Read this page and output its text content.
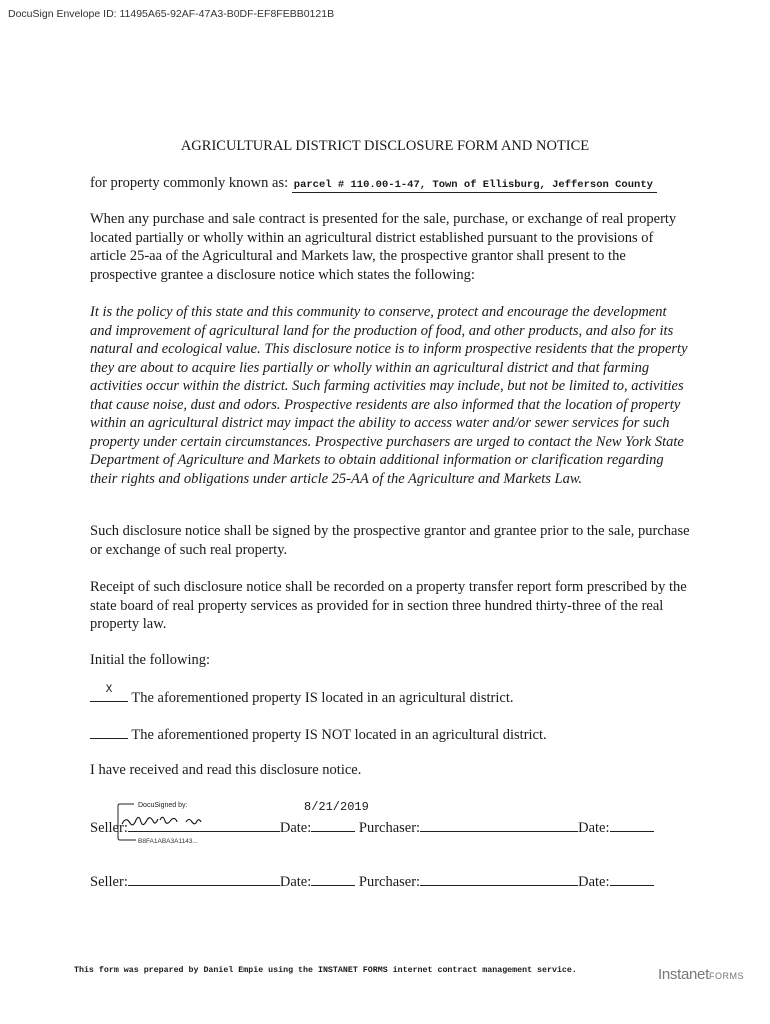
DocuSign Envelope ID: 11495A65-92AF-47A3-B0DF-EF8FEBB0121B
AGRICULTURAL DISTRICT DISCLOSURE FORM AND NOTICE
for property commonly known as: parcel # 110.00-1-47, Town of Ellisburg, Jefferson County
When any purchase and sale contract is presented for the sale, purchase, or exchange of real property located partially or wholly within an agricultural district established pursuant to the provisions of article 25-aa of the Agricultural and Markets law, the prospective grantor shall present to the prospective grantee a disclosure notice which states the following:
It is the policy of this state and this community to conserve, protect and encourage the development and improvement of agricultural land for the production of food, and other products, and also for its natural and ecological value. This disclosure notice is to inform prospective residents that the property they are about to acquire lies partially or wholly within an agricultural district and that farming activities occur within the district. Such farming activities may include, but not be limited to, activities that cause noise, dust and odors. Prospective residents are also informed that the location of property within an agricultural district may impact the ability to access water and/or sewer services for such property under certain circumstances. Prospective purchasers are urged to contact the New York State Department of Agriculture and Markets to obtain additional information or clarification regarding their rights and obligations under article 25-AA of the Agriculture and Markets Law.
Such disclosure notice shall be signed by the prospective grantor and grantee prior to the sale, purchase or exchange of such real property.
Receipt of such disclosure notice shall be recorded on a property transfer report form prescribed by the state board of real property services as provided for in section three hundred thirty-three of the real property law.
Initial the following:
X	The aforementioned property IS located in an agricultural district.
The aforementioned property IS NOT located in an agricultural district.
I have received and read this disclosure notice.
DocuSigned by:
B8FA1ABA3A1143...
8/21/2019
Seller:	Date:	Purchaser:	Date:
Seller:	Date:	Purchaser:	Date:
This form was prepared by Daniel Empie using the INSTANET FORMS internet contract management service.	InstanetFORMS
